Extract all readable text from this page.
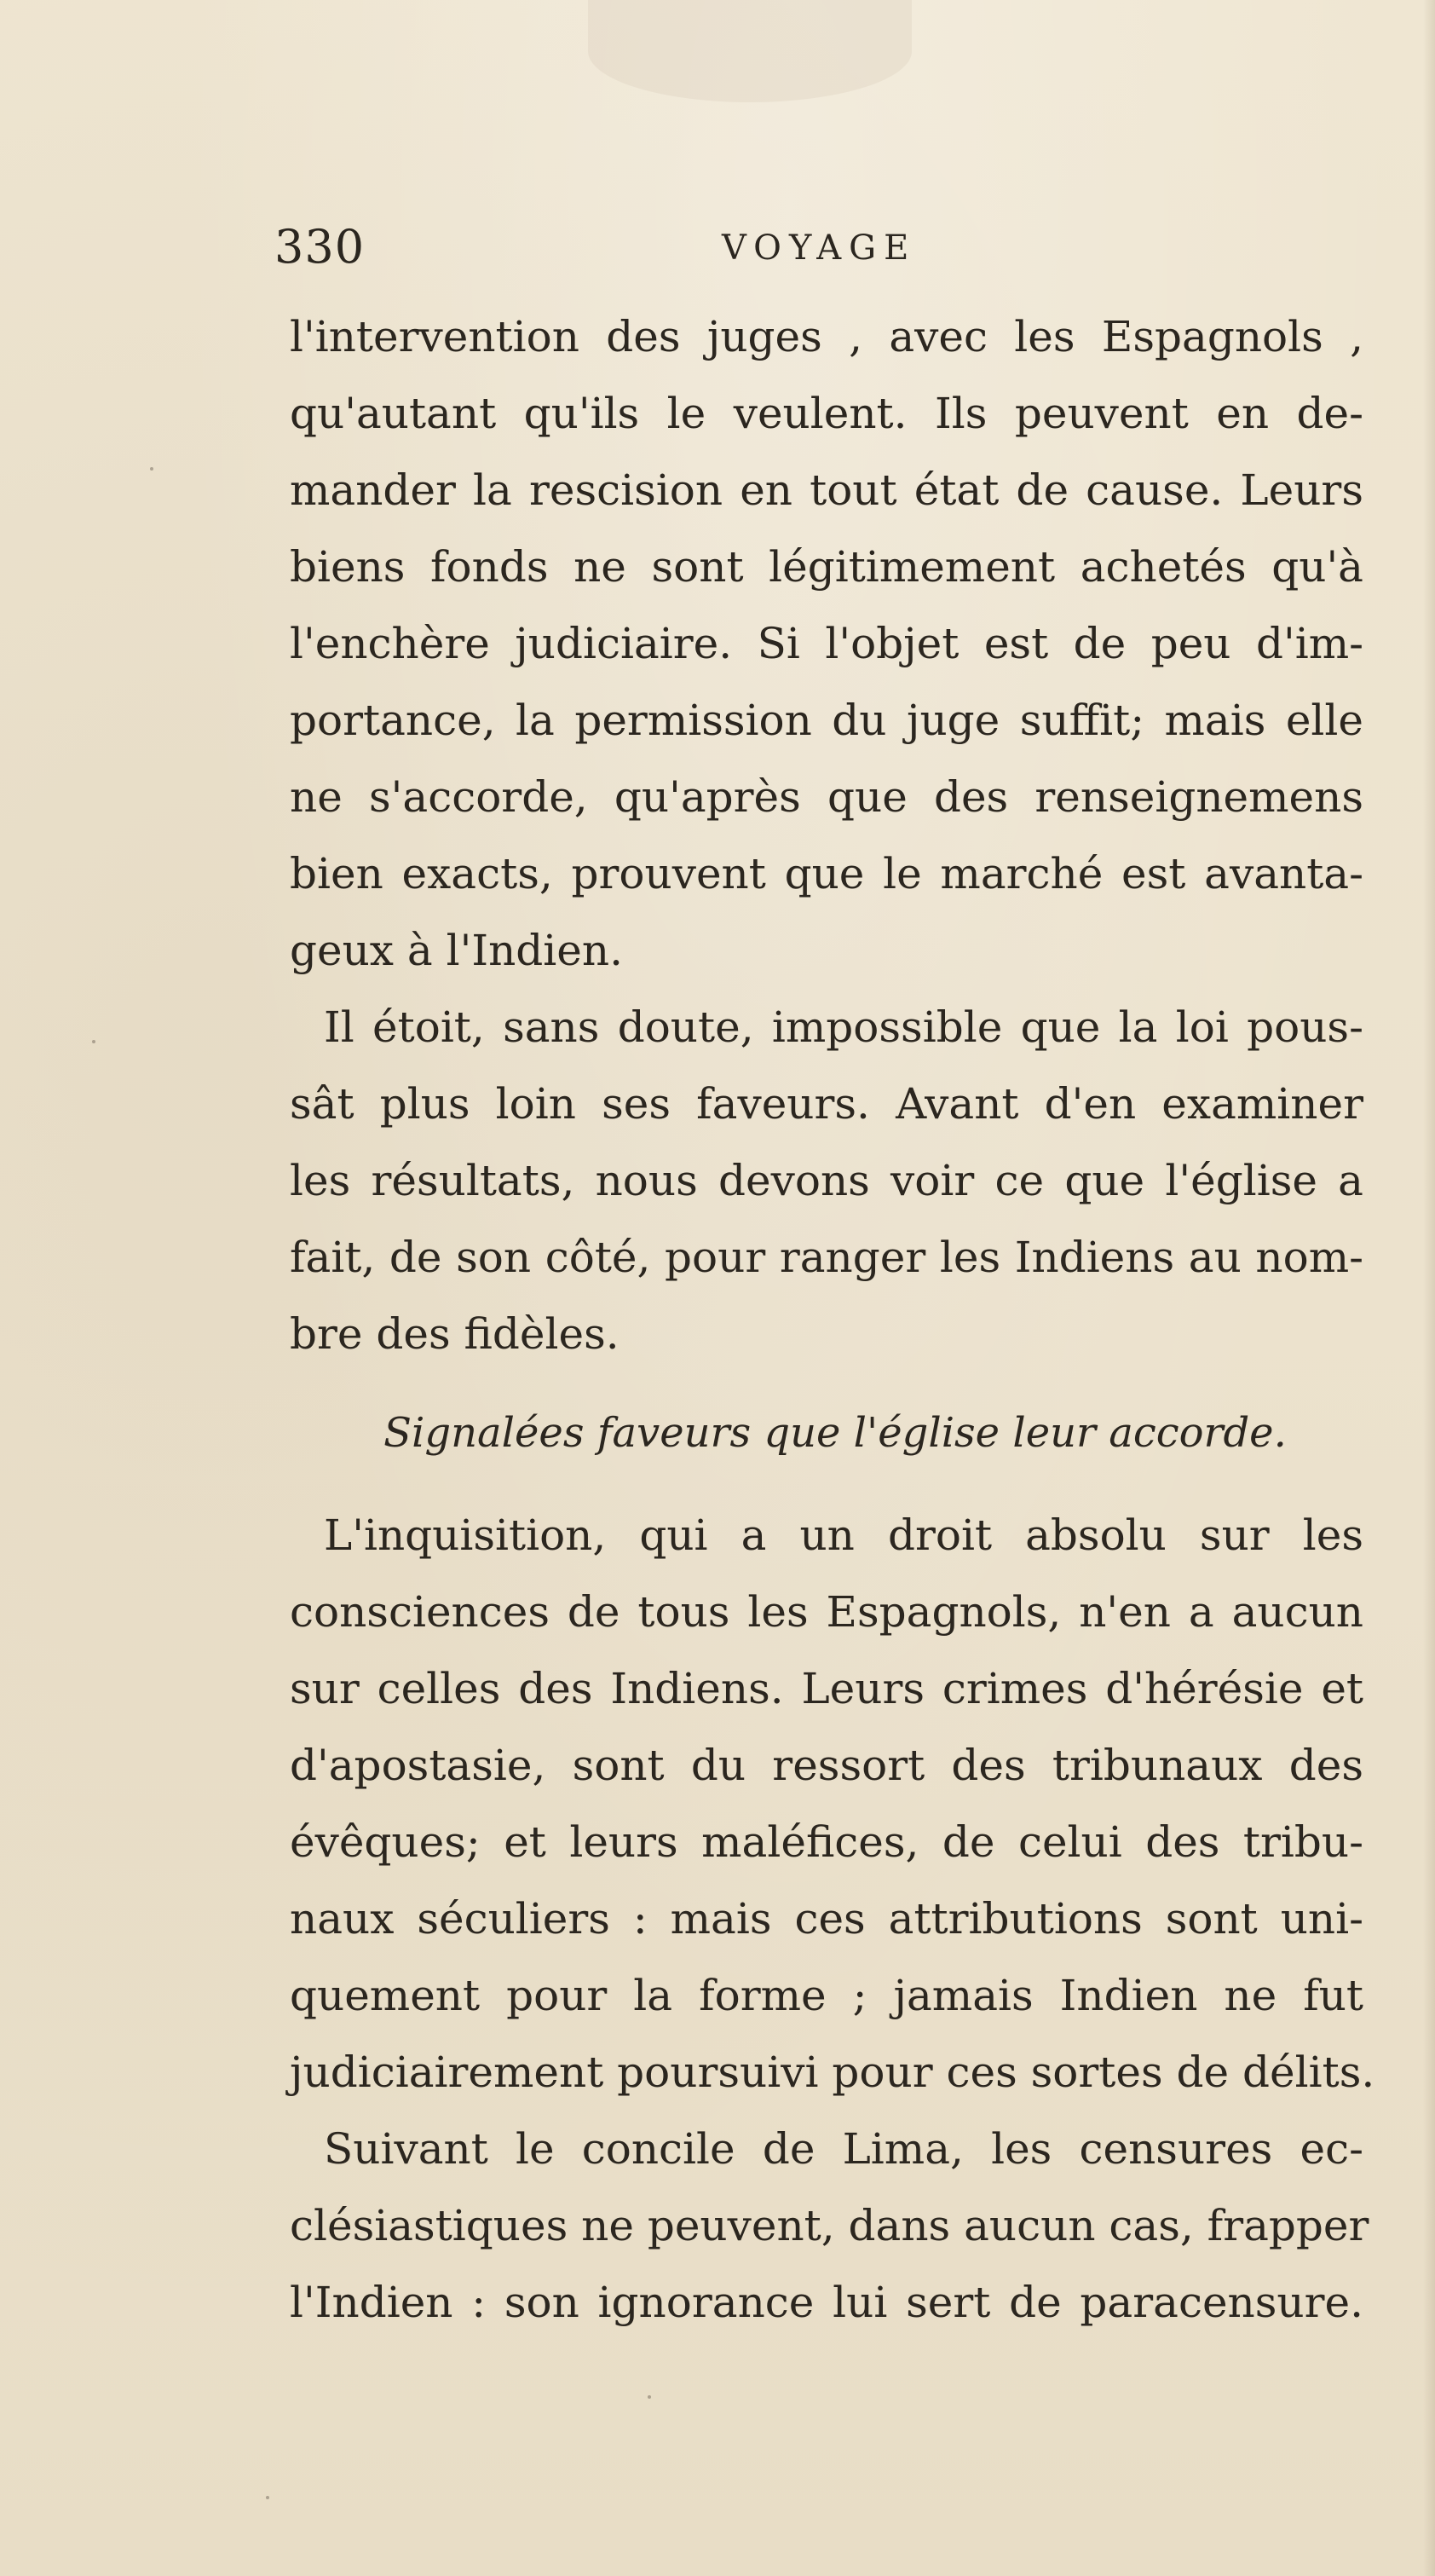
330	VOYAGE
l'intervention des juges , avec les Espagnols ,
qu'autant qu'ils le veulent. Ils peuvent en de-
mander la rescision en tout état de cause. Leurs
biens fonds ne sont légitimement achetés qu'à
l'enchère judiciaire. Si l'objet est de peu d'im-
portance, la permission du juge suffit; mais elle
ne s'accorde, qu'après que des renseignemens
bien exacts, prouvent que le marché est avanta-
geux à l'Indien.
Il étoit, sans doute, impossible que la loi pous-
sât plus loin ses faveurs. Avant d'en examiner
les résultats, nous devons voir ce que l'église a
fait, de son côté, pour ranger les Indiens au nom-
bre des fidèles.
Signalées faveurs que l'église leur accorde.
L'inquisition, qui a un droit absolu sur les
consciences de tous les Espagnols, n'en a aucun
sur celles des Indiens. Leurs crimes d'hérésie et
d'apostasie, sont du ressort des tribunaux des
évêques; et leurs maléfices, de celui des tribu-
naux séculiers : mais ces attributions sont uni-
quement pour la forme ; jamais Indien ne fut
judiciairement poursuivi pour ces sortes de délits.
Suivant le concile de Lima, les censures ec-
clésiastiques ne peuvent, dans aucun cas, frapper
l'Indien : son ignorance lui sert de paracensure.
